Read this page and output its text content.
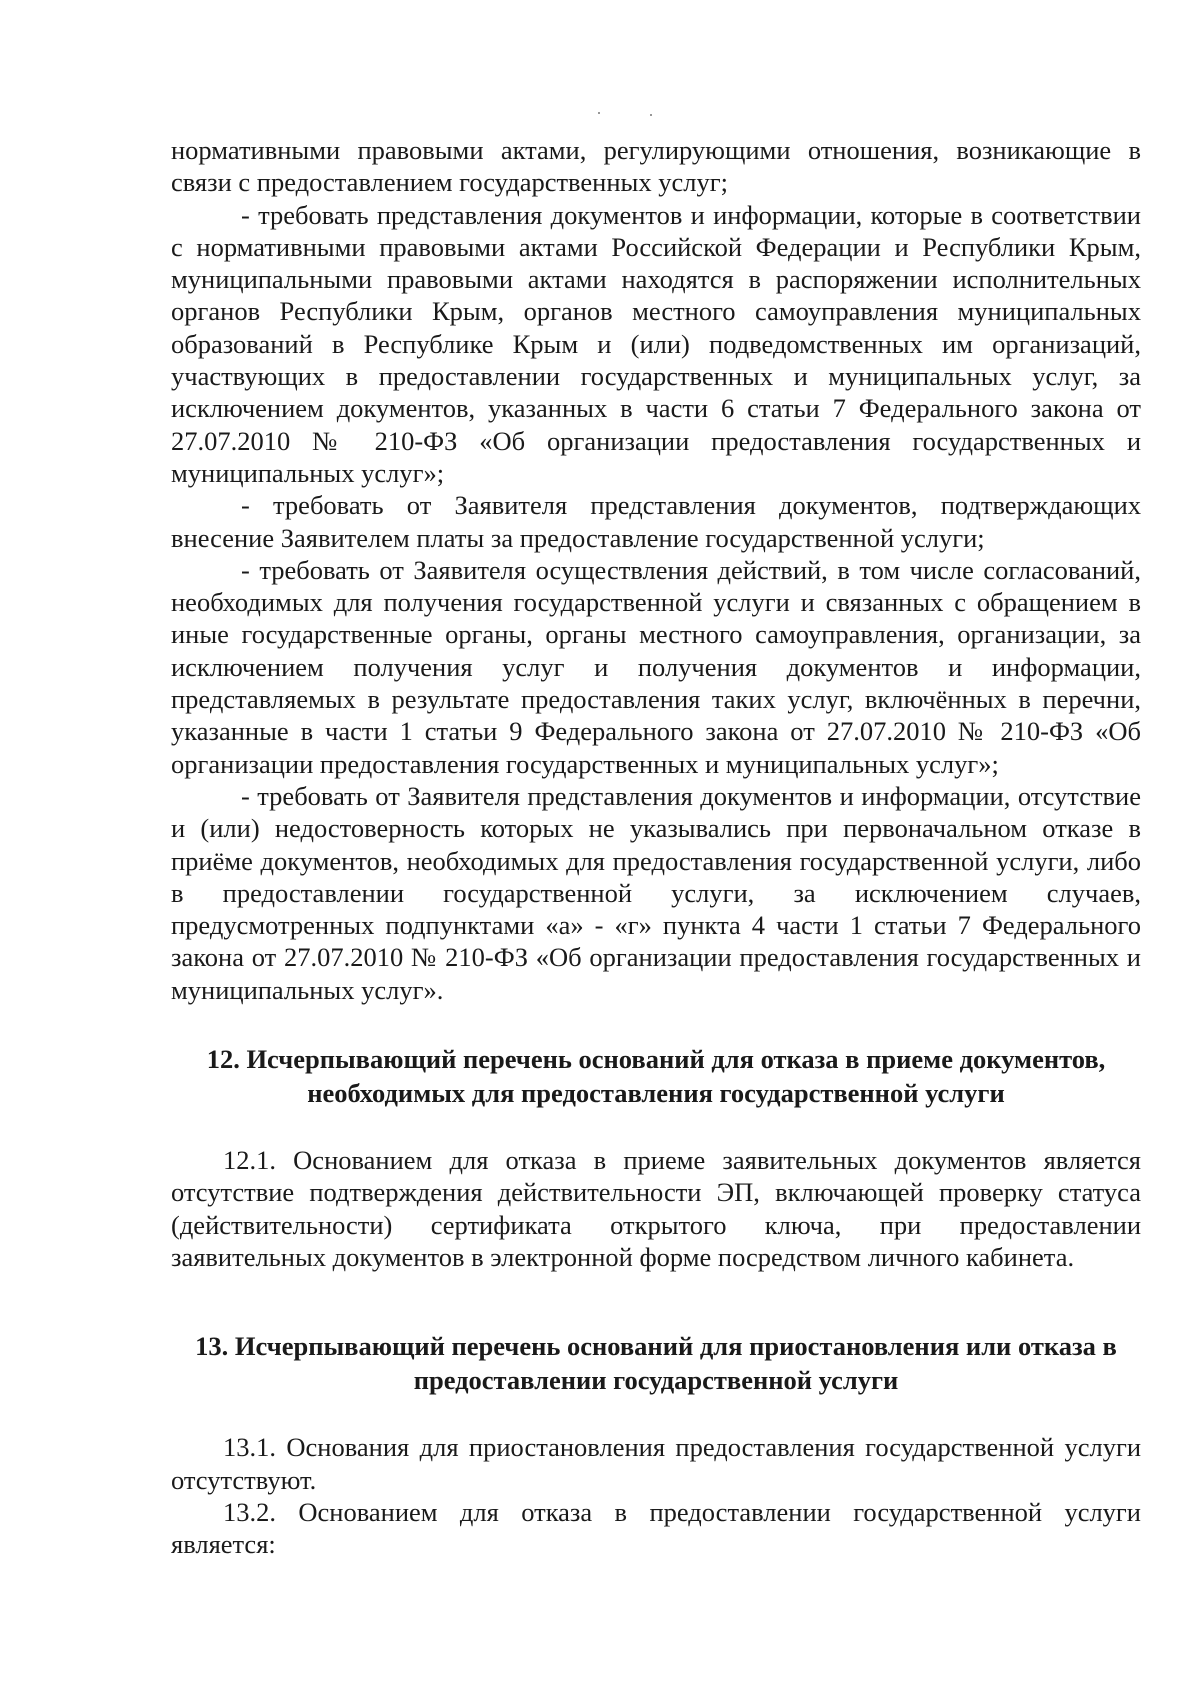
нормативными правовыми актами, регулирующими отношения, возникающие в связи с предоставлением государственных услуг;

- требовать представления документов и информации, которые в соответствии с нормативными правовыми актами Российской Федерации и Республики Крым, муниципальными правовыми актами находятся в распоряжении исполнительных органов Республики Крым, органов местного самоуправления муниципальных образований в Республике Крым и (или) подведомственных им организаций, участвующих в предоставлении государственных и муниципальных услуг, за исключением документов, указанных в части 6 статьи 7 Федерального закона от 27.07.2010 № 210-ФЗ «Об организации предоставления государственных и муниципальных услуг»;

- требовать от Заявителя представления документов, подтверждающих внесение Заявителем платы за предоставление государственной услуги;

- требовать от Заявителя осуществления действий, в том числе согласований, необходимых для получения государственной услуги и связанных с обращением в иные государственные органы, органы местного самоуправления, организации, за исключением получения услуг и получения документов и информации, представляемых в результате предоставления таких услуг, включённых в перечни, указанные в части 1 статьи 9 Федерального закона от 27.07.2010 № 210-ФЗ «Об организации предоставления государственных и муниципальных услуг»;

- требовать от Заявителя представления документов и информации, отсутствие и (или) недостоверность которых не указывались при первоначальном отказе в приёме документов, необходимых для предоставления государственной услуги, либо в предоставлении государственной услуги, за исключением случаев, предусмотренных подпунктами «а» - «г» пункта 4 части 1 статьи 7 Федерального закона от 27.07.2010 № 210-ФЗ «Об организации предоставления государственных и муниципальных услуг».

12. Исчерпывающий перечень оснований для отказа в приеме документов, необходимых для предоставления государственной услуги

12.1. Основанием для отказа в приеме заявительных документов является отсутствие подтверждения действительности ЭП, включающей проверку статуса (действительности) сертификата открытого ключа, при предоставлении заявительных документов в электронной форме посредством личного кабинета.

13. Исчерпывающий перечень оснований для приостановления или отказа в предоставлении государственной услуги

13.1. Основания для приостановления предоставления государственной услуги отсутствуют.

13.2. Основанием для отказа в предоставлении государственной услуги является:
